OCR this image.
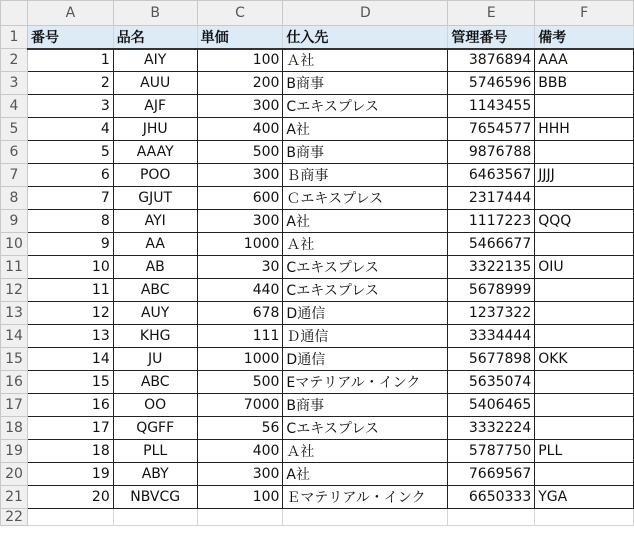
	A	B	C	D	E	F
1	番号	品名	単価	仕入先	管理番号	備考
2	1	AIY	100	Ａ社	3876894	AAA
3	2	AUU	200	B商事	5746596	BBB
4	3	AJF	300	Cエキスプレス	1143455	
5	4	JHU	400	A社	7654577	HHH
6	5	AAAY	500	B商事	9876788	
7	6	POO	300	Ｂ商事	6463567	JJJJ
8	7	GJUT	600	Ｃエキスプレス	2317444	
9	8	AYI	300	A社	1117223	QQQ
10	9	AA	1000	Ａ社	5466677	
11	10	AB	30	Cエキスプレス	3322135	OIU
12	11	ABC	440	Cエキスプレス	5678999	
13	12	AUY	678	D通信	1237322	
14	13	KHG	111	Ｄ通信	3334444	
15	14	JU	1000	D通信	5677898	OKK
16	15	ABC	500	Eマテリアル・インク	5635074	
17	16	OO	7000	B商事	5406465	
18	17	QGFF	56	Cエキスプレス	3332224	
19	18	PLL	400	Ａ社	5787750	PLL
20	19	ABY	300	A社	7669567	
21	20	NBVCG	100	Ｅマテリアル・インク	6650333	YGA
22						
